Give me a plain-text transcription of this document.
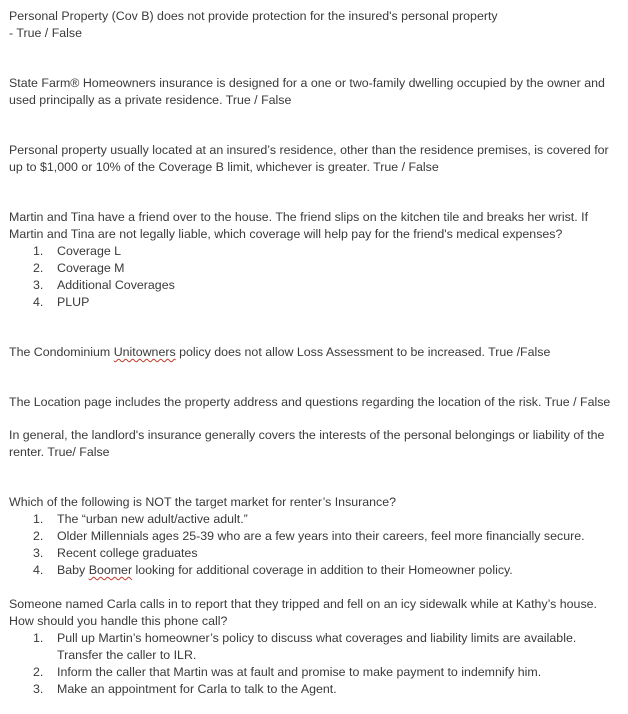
Personal Property (Cov B) does not provide protection for the insured's personal property

- True / False

State Farm® Homeowners insurance is designed for a one or two-family dwelling occupied by the owner and

used principally as a private residence. True / False

Personal property usually located at an insured’s residence, other than the residence premises, is covered for

up to $1,000 or 10% of the Coverage B limit, whichever is greater. True / False

Martin and Tina have a friend over to the house. The friend slips on the kitchen tile and breaks her wrist. If

Martin and Tina are not legally liable, which coverage will help pay for the friend's medical expenses?

1.	Coverage L
2.	Coverage M
3.	Additional Coverages
4.	PLUP

The Condominium Unitowners policy does not allow Loss Assessment to be increased. True /False

The Location page includes the property address and questions regarding the location of the risk. True / False

In general, the landlord's insurance generally covers the interests of the personal belongings or liability of the

renter. True/ False

Which of the following is NOT the target market for renter’s Insurance?

1.	The “urban new adult/active adult.”
2.	Older Millennials ages 25-39 who are a few years into their careers, feel more financially secure.
3.	Recent college graduates
4.	Baby Boomer looking for additional coverage in addition to their Homeowner policy.

Someone named Carla calls in to report that they tripped and fell on an icy sidewalk while at Kathy’s house.

How should you handle this phone call?

1.	Pull up Martin’s homeowner’s policy to discuss what coverages and liability limits are available.
Transfer the caller to ILR.
2.	Inform the caller that Martin was at fault and promise to make payment to indemnify him.
3.	Make an appointment for Carla to talk to the Agent.
